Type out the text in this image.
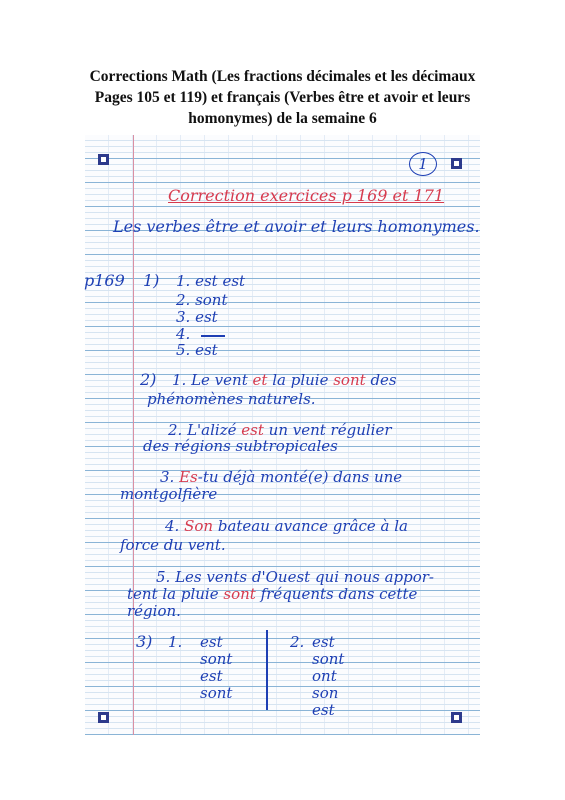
Corrections Math (Les fractions décimales et les décimaux
Pages 105 et 119) et français (Verbes être et avoir et leurs
homonymes) de la semaine 6
1
Correction exercices p 169 et 171
Les verbes être et avoir et leurs homonymes.
p169 1) 1. est est
2. sont
3. est
4.
5. est
2) 1. Le vent et la pluie sont des
phénomènes naturels.
2. L'alizé est un vent régulier
des régions subtropicales
3. Es-tu déjà monté(e) dans une
montgolfière
4. Son bateau avance grâce à la
force du vent.
5. Les vents d'Ouest qui nous appor-
tent la pluie sont fréquents dans cette
région.
3) 1. est
sont
est
sont
2. est
sont
ont
son
est
